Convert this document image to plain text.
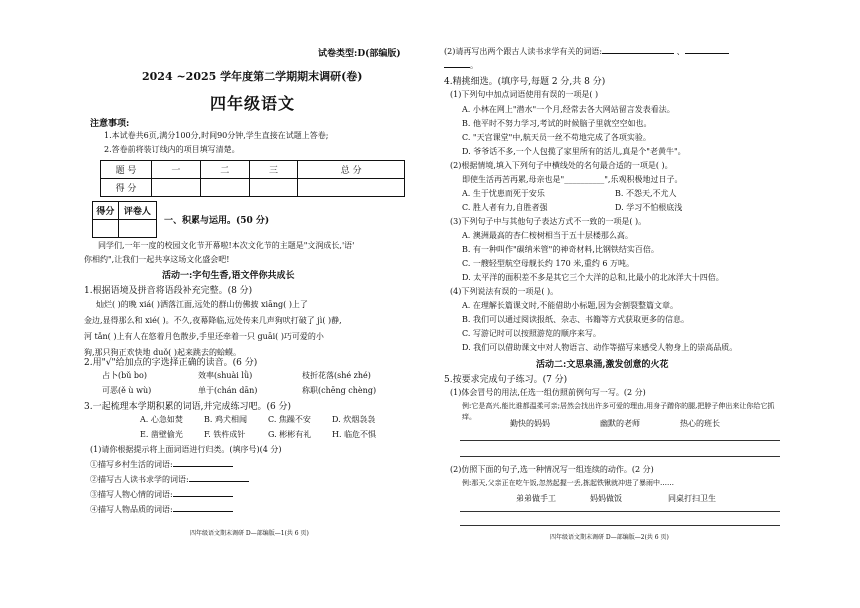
试卷类型:D(部编版)
2024 ~2025 学年度第二学期期末调研(卷)
四年级语文
注意事项:
1.本试卷共6页,满分100分,时间90分钟,学生直接在试题上答卷;
2.答卷前将装订线内的项目填写清楚。
题 号	一	二	三	总 分
得 分				
得分	评卷人

一、积累与运用。(50 分)
同学们,一年一度的校园文化节开幕啦!本次文化节的主题是"文润成长,'语'
你相约",让我们一起共享这场文化盛会吧!
活动一:字句生香,语文伴你共成长
1.根据语境及拼音将语段补充完整。(8 分)
灿烂( )的晚 xiá( )洒落江面,远处的群山仿佛披 xiāng( )上了
金边,显得那么和 xié( )。不久,夜幕降临,远处传来几声狗吠打破了 jì( )静,
河 tǎn( )上有人在悠着月色散步,手里还牵着一只 guāi( )巧可爱的小
狗,那只狗正欢快地 duǒ( )起来跳去的蛤蟆。
2.用"√"给加点的字选择正确的读音。(6 分)
占卜(bǔ bo)	效率(shuài lǜ)	枝折花落(shé zhé)
可恶(ě ù wù)	单于(chán dān)	称职(chēng chèng)
3.一起梳理本学期积累的词语,并完成练习吧。(6 分)
A. 心急如焚	B. 鸡犬相闻	C. 焦躁不安	D. 炊烟袅袅
E. 凿壁偷光	F. 铁杵成针	G. 彬彬有礼	H. 临危不惧
(1)请你根据提示将上面词语进行归类。(填序号)(4 分)
①描写乡村生活的词语:
②描写古人读书求学的词语:
③描写人物心情的词语:
④描写人物品质的词语:
四年级语文期末调研 D—部编版—1(共 6 页)
(2)请再写出两个跟古人读书求学有关的词语:	、
。
4.精挑细选。(填序号,每题 2 分,共 8 分)
(1)下列句中加点词语使用有误的一项是( )
A. 小林在网上"潜水"一个月,经常去各大网站留言发表看法。
B. 他平时不努力学习,考试的时候脑子里就空空如也。
C. "天宫课堂"中,航天员一丝不苟地完成了各项实验。
D. 爷爷话不多,一个人包揽了家里所有的活儿,真是个"老黄牛"。
(2)根据情境,填入下列句子中横线处的名句最合适的一项是( )。
即使生活再苦再累,母亲也是"__________",乐观积极地过日子。
A. 生于忧患而死于安乐	B. 不怨天,不尤人
C. 胜人者有力,自胜者强	D. 学习不怕根底浅
(3)下列句子中与其他句子表达方式不一致的一项是( )。
A. 澳洲最高的杏仁桉树相当于五十层楼那么高。
B. 有一种叫作"碳纳米管"的神奇材料,比钢铁结实百倍。
C. 一艘轻型航空母舰长约 170 米,重约 6 万吨。
D. 太平洋的面积差不多是其它三个大洋的总和,比最小的北冰洋大十四倍。
(4)下列说法有误的一项是( )。
A. 在理解长篇课文时,不能借助小标题,因为会割裂整篇文章。
B. 我们可以通过阅读报纸、杂志、书籍等方式获取更多的信息。
C. 写游记时可以按照游览的顺序来写。
D. 我们可以借助课文中对人物语言、动作等描写来感受人物身上的崇高品质。
活动二:文思泉涌,激发创意的火花
5.按要求完成句子练习。(7 分)
(1)体会冒号的用法,任选一组仿照前例句写一写。(2 分)
例:它是高兴,能比谁都温柔可亲;居然会找出许多可爱的理由,用身子蹭你的腿,把脖子伸出来让你给它抓痒。
勤快的妈妈	幽默的老师	热心的班长
(2)仿照下面的句子,选一种情况写一组连续的动作。(2 分)
例:那天,父亲正在吃午饭,忽然起握一丢,拣起铁锹就冲进了暴雨中……
弟弟做手工	妈妈做饭	同桌打扫卫生
四年级语文期末调研 D—部编版—2(共 6 页)
